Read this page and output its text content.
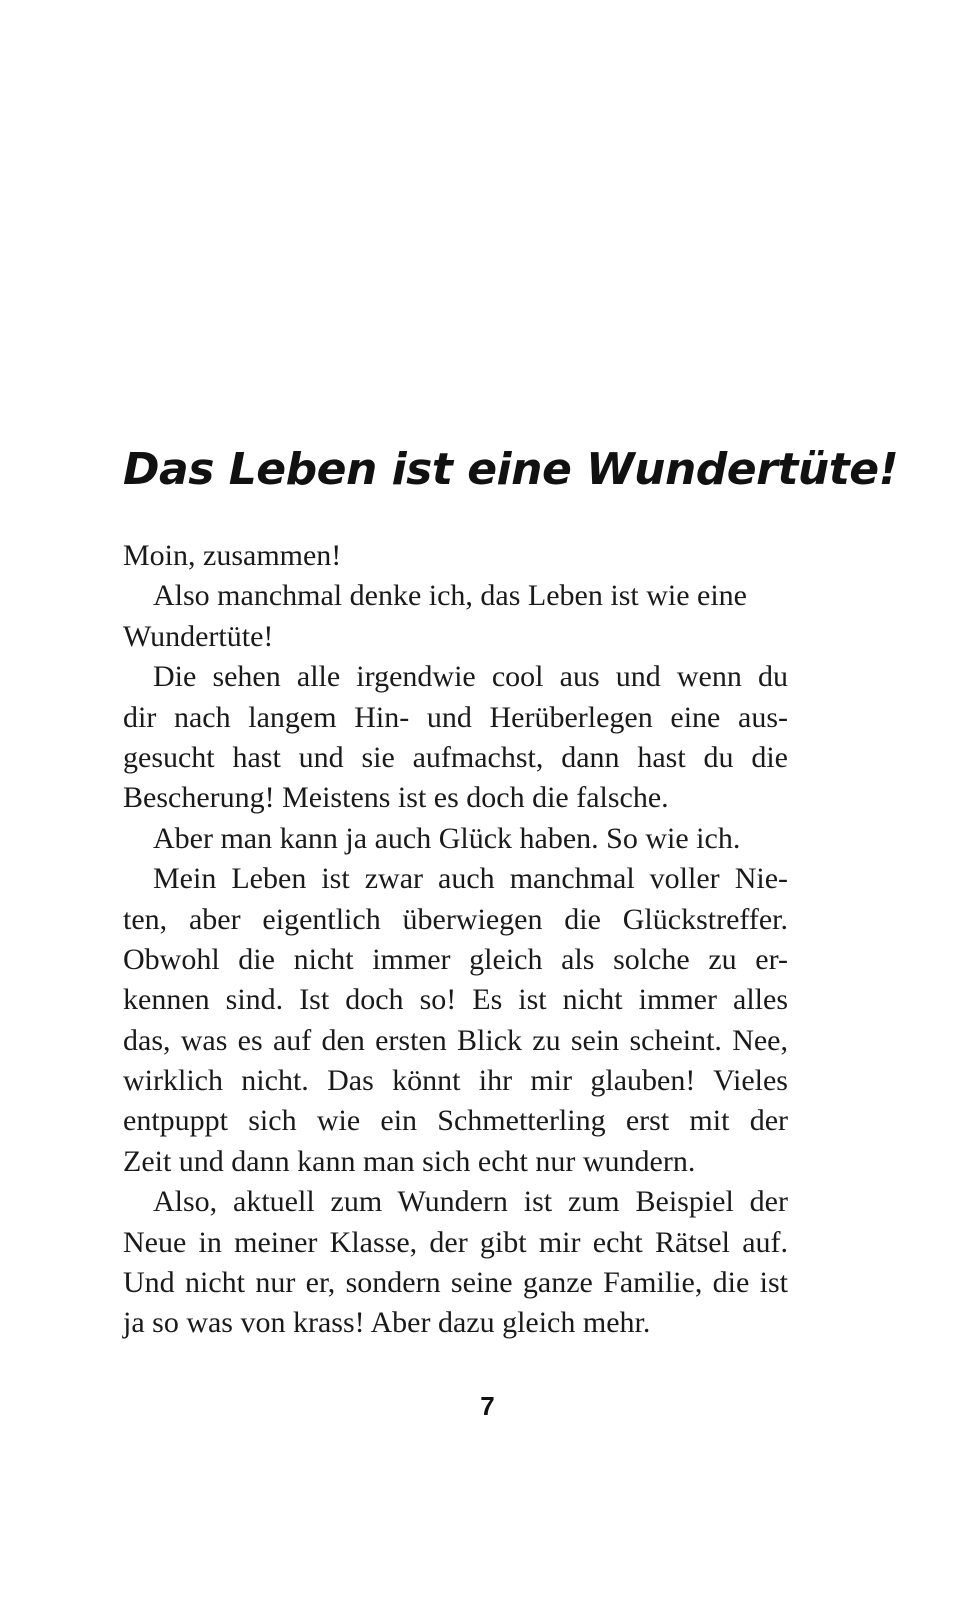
Das Leben ist eine Wundertüte!
Moin, zusammen!
Also manchmal denke ich, das Leben ist wie eine
Wundertüte!
Die sehen alle irgendwie cool aus und wenn du
dir nach langem Hin- und Herüberlegen eine aus-
gesucht hast und sie aufmachst, dann hast du die
Bescherung! Meistens ist es doch die falsche.
Aber man kann ja auch Glück haben. So wie ich.
Mein Leben ist zwar auch manchmal voller Nie-
ten, aber eigentlich überwiegen die Glückstreffer.
Obwohl die nicht immer gleich als solche zu er-
kennen sind. Ist doch so! Es ist nicht immer alles
das, was es auf den ersten Blick zu sein scheint. Nee,
wirklich nicht. Das könnt ihr mir glauben! Vieles
entpuppt sich wie ein Schmetterling erst mit der
Zeit und dann kann man sich echt nur wundern.
Also, aktuell zum Wundern ist zum Beispiel der
Neue in meiner Klasse, der gibt mir echt Rätsel auf.
Und nicht nur er, sondern seine ganze Familie, die ist
ja so was von krass! Aber dazu gleich mehr.
7
